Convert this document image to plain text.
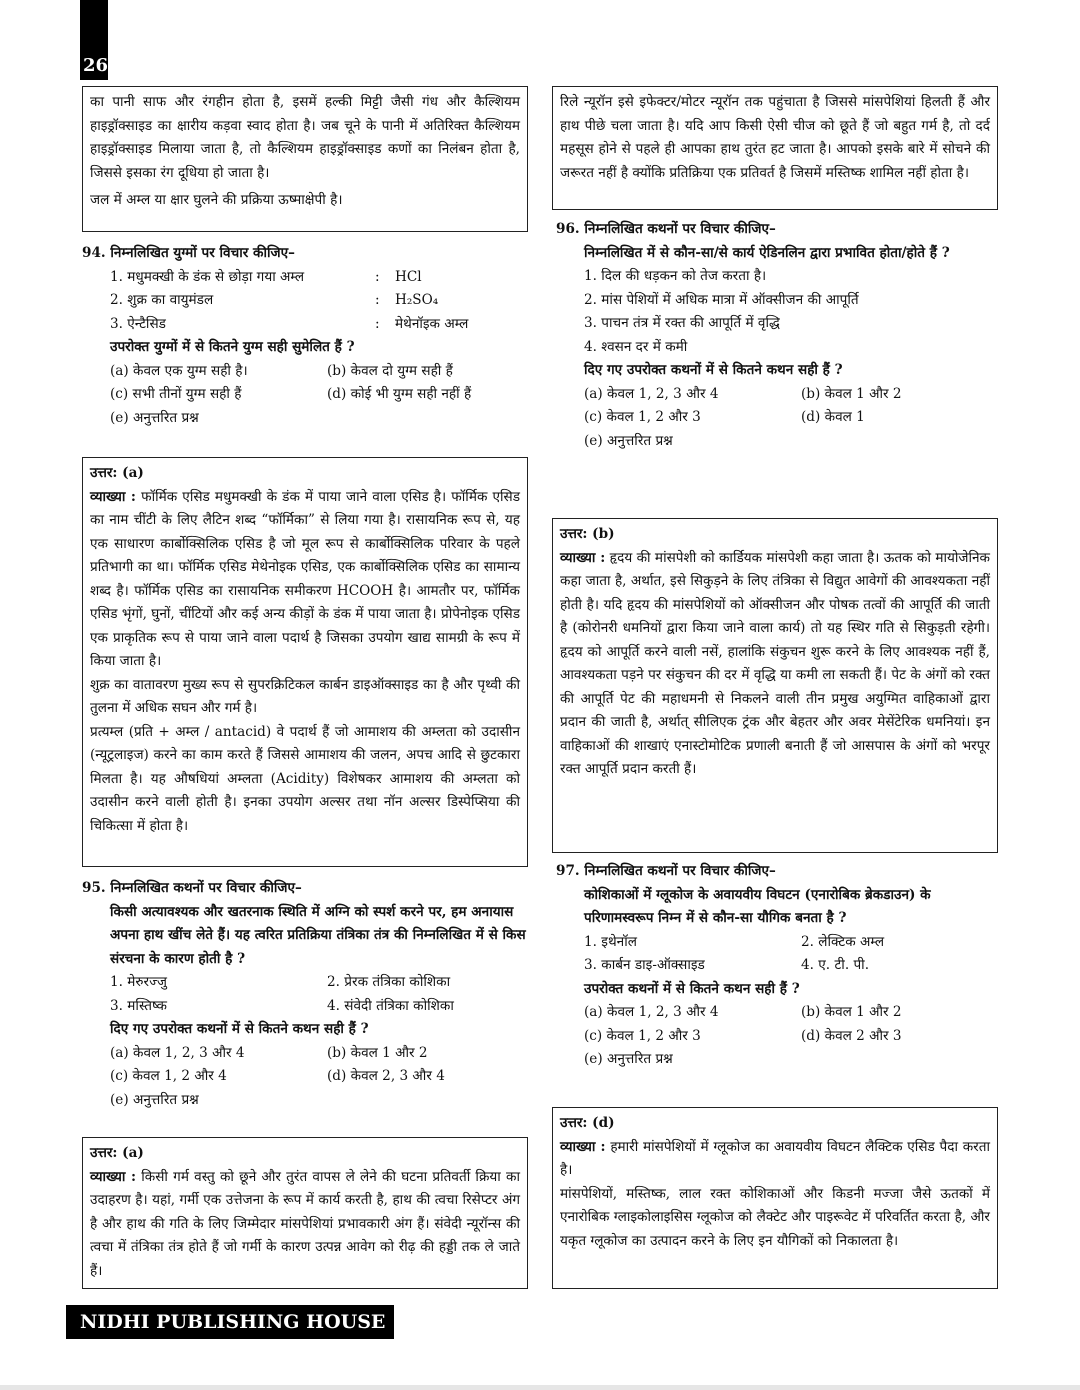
26

का पानी साफ और रंगहीन होता है, इसमें हल्की मिट्टी जैसी गंध और कैल्शियम हाइड्रॉक्साइड का क्षारीय कड़वा स्वाद होता है। जब चूने के पानी में अतिरिक्त कैल्शियम हाइड्रॉक्साइड मिलाया जाता है, तो कैल्शियम हाइड्रॉक्साइड कणों का निलंबन होता है, जिससे इसका रंग दूधिया हो जाता है।

जल में अम्ल या क्षार घुलने की प्रक्रिया ऊष्माक्षेपी है।

94. निम्नलिखित युग्मों पर विचार कीजिए–
1. मधुमक्खी के डंक से छोड़ा गया अम्ल	:	HCl
2. शुक्र का वायुमंडल	:	H₂SO₄
3. ऐन्टैसिड	:	मेथेनॉइक अम्ल
उपरोक्त युग्मों में से कितने युग्म सही सुमेलित हैं ?
(a) केवल एक युग्म सही है।	(b) केवल दो युग्म सही हैं
(c) सभी तीनों युग्म सही हैं	(d) कोई भी युग्म सही नहीं हैं
(e) अनुत्तरित प्रश्न

उत्तर: (a)

व्याख्या : फॉर्मिक एसिड मधुमक्खी के डंक में पाया जाने वाला एसिड है। फॉर्मिक एसिड का नाम चींटी के लिए लैटिन शब्द “फॉर्मिका” से लिया गया है। रासायनिक रूप से, यह एक साधारण कार्बोक्सिलिक एसिड है जो मूल रूप से कार्बोक्सिलिक परिवार के पहले प्रतिभागी का था। फॉर्मिक एसिड मेथेनोइक एसिड, एक कार्बोक्सिलिक एसिड का सामान्य शब्द है। फॉर्मिक एसिड का रासायनिक समीकरण HCOOH है। आमतौर पर, फॉर्मिक एसिड भृंगों, घुनों, चींटियों और कई अन्य कीड़ों के डंक में पाया जाता है। प्रोपेनोइक एसिड एक प्राकृतिक रूप से पाया जाने वाला पदार्थ है जिसका उपयोग खाद्य सामग्री के रूप में किया जाता है।

शुक्र का वातावरण मुख्य रूप से सुपरक्रिटिकल कार्बन डाइऑक्साइड का है और पृथ्वी की तुलना में अधिक सघन और गर्म है।

प्रत्यम्ल (प्रति + अम्ल / antacid) वे पदार्थ हैं जो आमाशय की अम्लता को उदासीन (न्यूट्रलाइज) करने का काम करते हैं जिससे आमाशय की जलन, अपच आदि से छुटकारा मिलता है। यह औषधियां अम्लता (Acidity) विशेषकर आमाशय की अम्लता को उदासीन करने वाली होती है। इनका उपयोग अल्सर तथा नॉन अल्सर डिस्पेप्सिया की चिकित्सा में होता है।

95. निम्नलिखित कथनों पर विचार कीजिए–
किसी अत्यावश्यक और खतरनाक स्थिति में अग्नि को स्पर्श करने पर, हम अनायास अपना हाथ खींच लेते हैं। यह त्वरित प्रतिक्रिया तंत्रिका तंत्र की निम्नलिखित में से किस संरचना के कारण होती है ?
1. मेरुरज्जु	2. प्रेरक तंत्रिका कोशिका
3. मस्तिष्क	4. संवेदी तंत्रिका कोशिका
दिए गए उपरोक्त कथनों में से कितने कथन सही हैं ?
(a) केवल 1, 2, 3 और 4	(b) केवल 1 और 2
(c) केवल 1, 2 और 4	(d) केवल 2, 3 और 4
(e) अनुत्तरित प्रश्न

उत्तर: (a)

व्याख्या : किसी गर्म वस्तु को छूने और तुरंत वापस ले लेने की घटना प्रतिवर्ती क्रिया का उदाहरण है। यहां, गर्मी एक उत्तेजना के रूप में कार्य करती है, हाथ की त्वचा रिसेप्टर अंग है और हाथ की गति के लिए जिम्मेदार मांसपेशियां प्रभावकारी अंग हैं। संवेदी न्यूरॉन्स की त्वचा में तंत्रिका तंत्र होते हैं जो गर्मी के कारण उत्पन्न आवेग को रीढ़ की हड्डी तक ले जाते हैं।

रिले न्यूरॉन इसे इफेक्टर/मोटर न्यूरॉन तक पहुंचाता है जिससे मांसपेशियां हिलती हैं और हाथ पीछे चला जाता है। यदि आप किसी ऐसी चीज को छूते हैं जो बहुत गर्म है, तो दर्द महसूस होने से पहले ही आपका हाथ तुरंत हट जाता है। आपको इसके बारे में सोचने की जरूरत नहीं है क्योंकि प्रतिक्रिया एक प्रतिवर्त है जिसमें मस्तिष्क शामिल नहीं होता है।

96. निम्नलिखित कथनों पर विचार कीजिए–
निम्नलिखित में से कौन-सा/से कार्य ऐडिनलिन द्वारा प्रभावित होता/होते हैं ?
1. दिल की धड़कन को तेज करता है।
2. मांस पेशियों में अधिक मात्रा में ऑक्सीजन की आपूर्ति
3. पाचन तंत्र में रक्त की आपूर्ति में वृद्धि
4. श्वसन दर में कमी
दिए गए उपरोक्त कथनों में से कितने कथन सही हैं ?
(a) केवल 1, 2, 3 और 4	(b) केवल 1 और 2
(c) केवल 1, 2 और 3	(d) केवल 1
(e) अनुत्तरित प्रश्न

उत्तर: (b)

व्याख्या : हृदय की मांसपेशी को कार्डियक मांसपेशी कहा जाता है। ऊतक को मायोजेनिक कहा जाता है, अर्थात, इसे सिकुड़ने के लिए तंत्रिका से विद्युत आवेगों की आवश्यकता नहीं होती है। यदि हृदय की मांसपेशियों को ऑक्सीजन और पोषक तत्वों की आपूर्ति की जाती है (कोरोनरी धमनियों द्वारा किया जाने वाला कार्य) तो यह स्थिर गति से सिकुड़ती रहेगी। हृदय को आपूर्ति करने वाली नसें, हालांकि संकुचन शुरू करने के लिए आवश्यक नहीं हैं, आवश्यकता पड़ने पर संकुचन की दर में वृद्धि या कमी ला सकती हैं। पेट के अंगों को रक्त की आपूर्ति पेट की महाधमनी से निकलने वाली तीन प्रमुख अयुग्मित वाहिकाओं द्वारा प्रदान की जाती है, अर्थात् सीलिएक ट्रंक और बेहतर और अवर मेसेंटेरिक धमनियां। इन वाहिकाओं की शाखाएं एनास्टोमोटिक प्रणाली बनाती हैं जो आसपास के अंगों को भरपूर रक्त आपूर्ति प्रदान करती हैं।

97. निम्नलिखित कथनों पर विचार कीजिए–
कोशिकाओं में ग्लूकोज के अवायवीय विघटन (एनारोबिक ब्रेकडाउन) के परिणामस्वरूप निम्न में से कौन-सा यौगिक बनता है ?
1. इथेनॉल	2. लेक्टिक अम्ल
3. कार्बन डाइ-ऑक्साइड	4. ए. टी. पी.
उपरोक्त कथनों में से कितने कथन सही हैं ?
(a) केवल 1, 2, 3 और 4	(b) केवल 1 और 2
(c) केवल 1, 2 और 3	(d) केवल 2 और 3
(e) अनुत्तरित प्रश्न

उत्तर: (d)

व्याख्या : हमारी मांसपेशियों में ग्लूकोज का अवायवीय विघटन लैक्टिक एसिड पैदा करता है।

मांसपेशियों, मस्तिष्क, लाल रक्त कोशिकाओं और किडनी मज्जा जैसे ऊतकों में एनारोबिक ग्लाइकोलाइसिस ग्लूकोज को लैक्टेट और पाइरूवेट में परिवर्तित करता है, और यकृत ग्लूकोज का उत्पादन करने के लिए इन यौगिकों को निकालता है।

NIDHI PUBLISHING HOUSE
